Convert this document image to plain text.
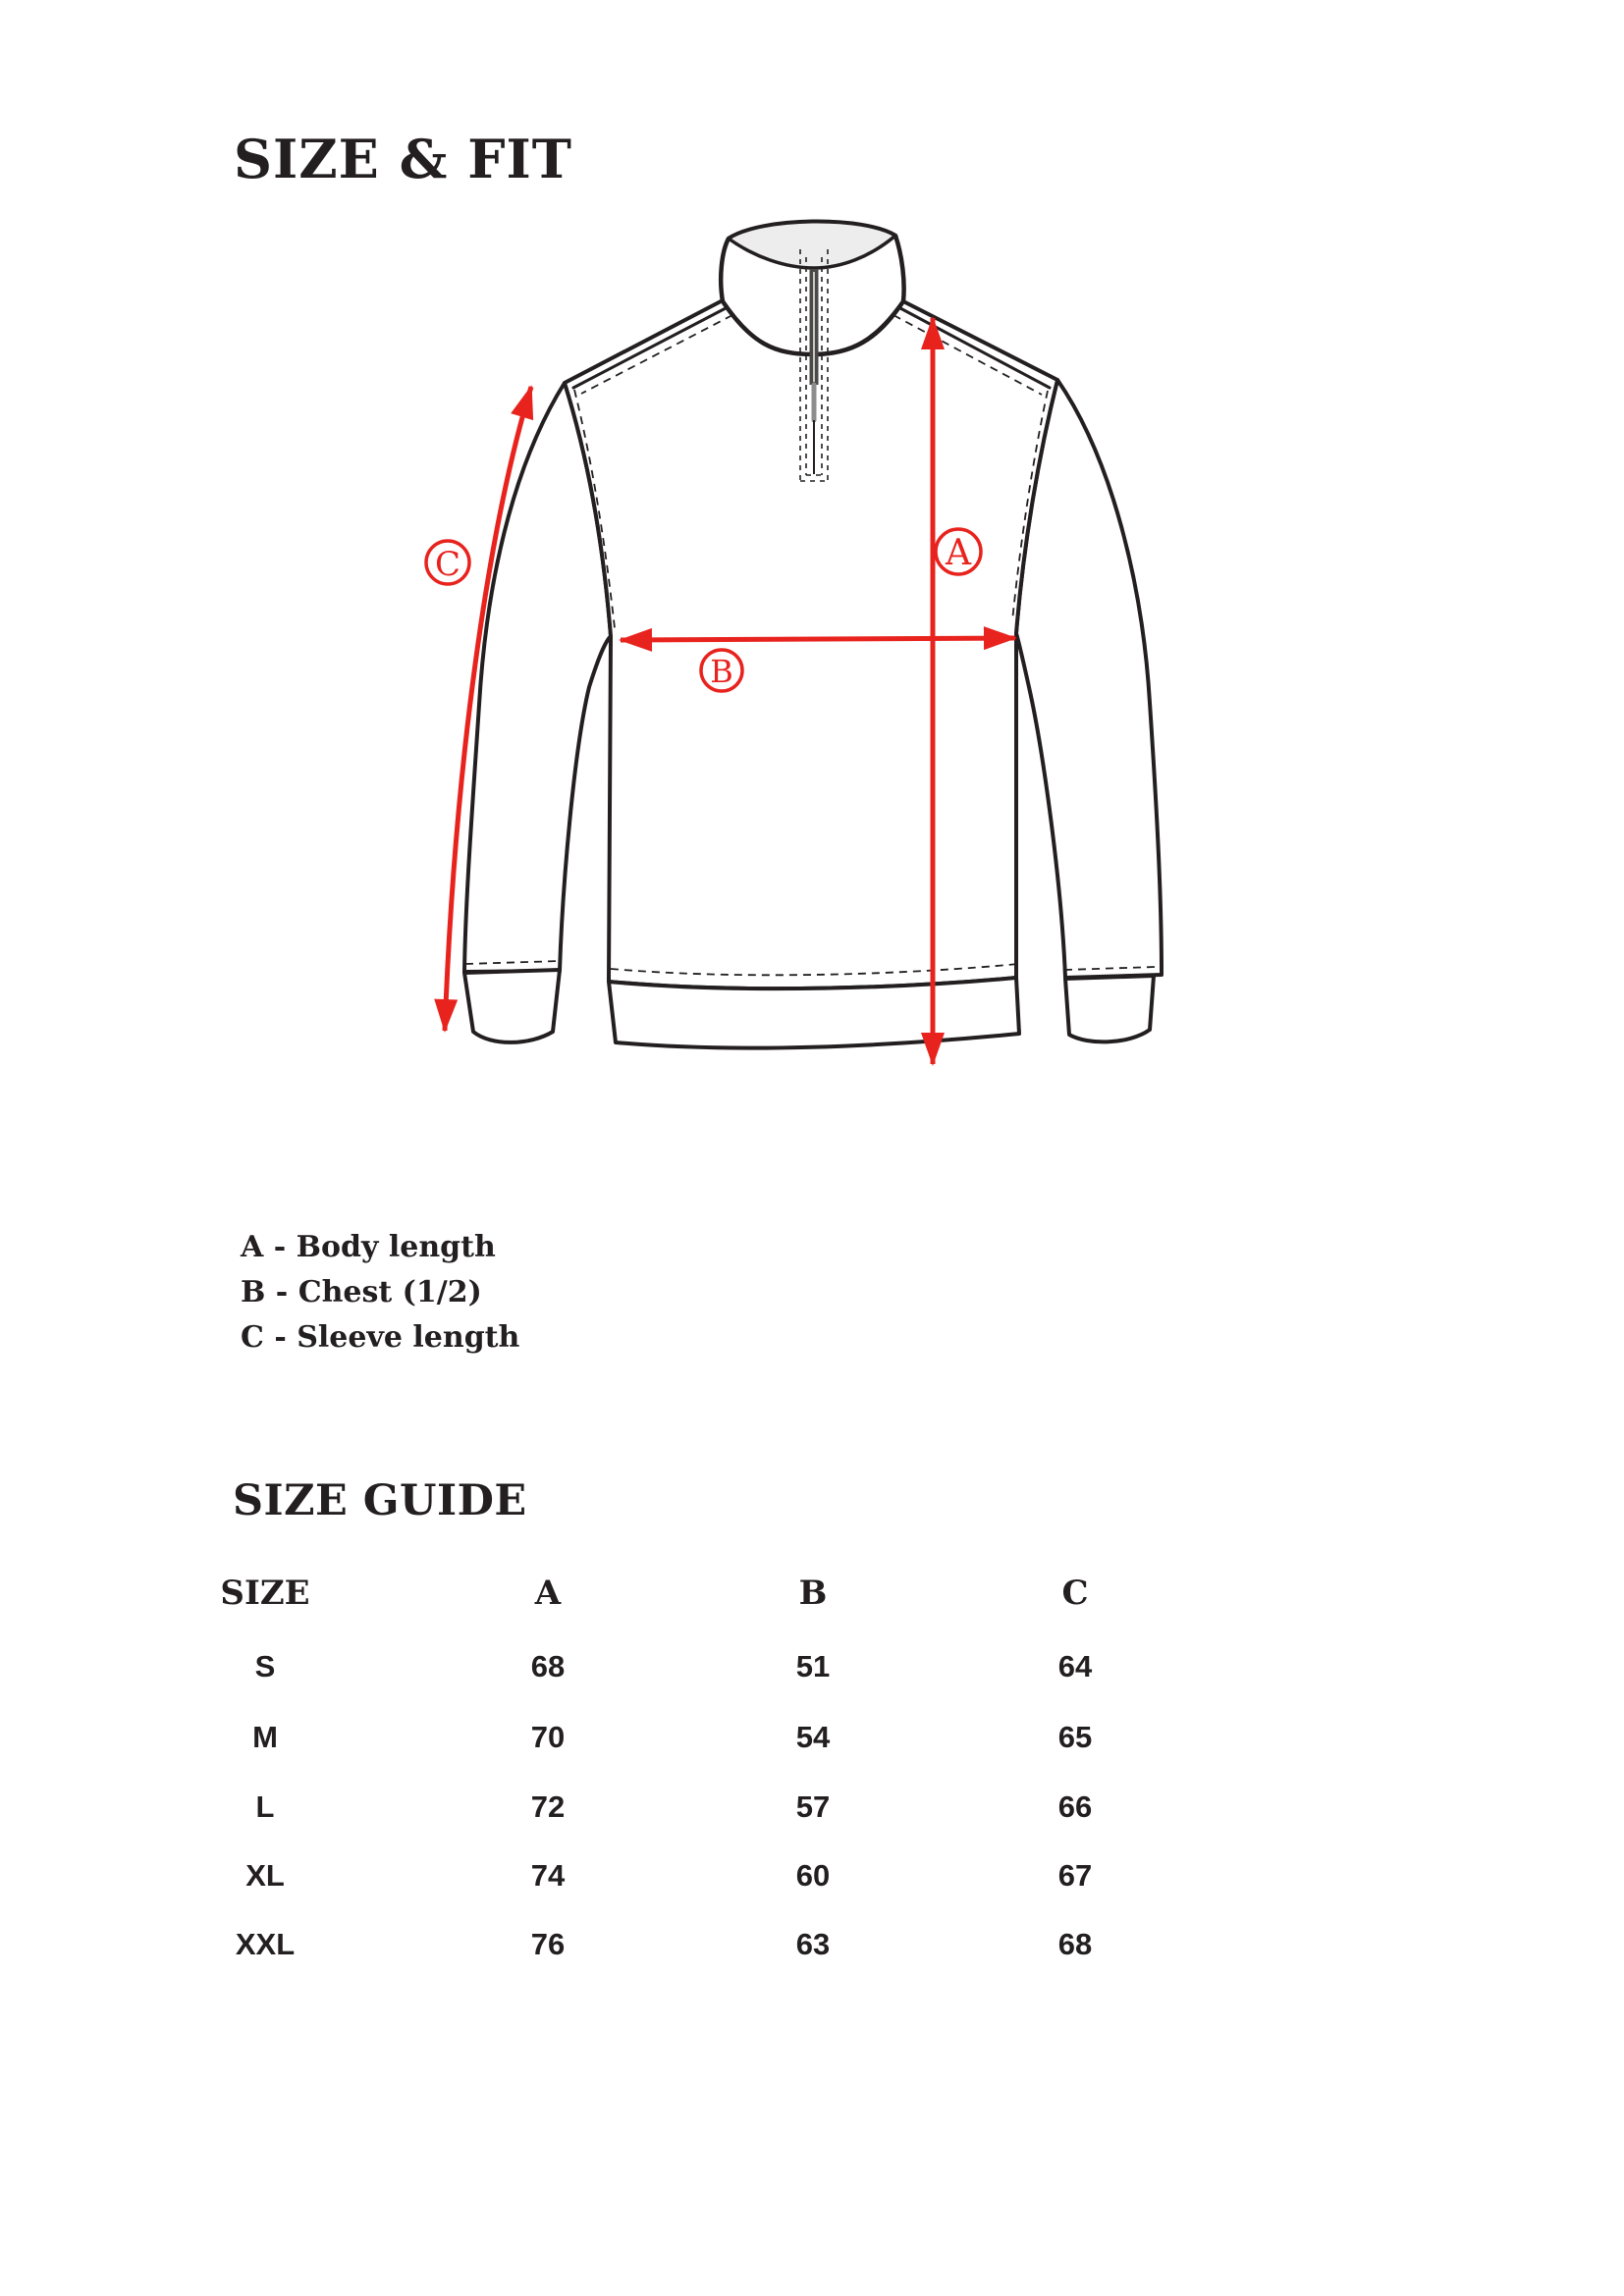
SIZE & FIT
A
B
C
A - Body length
B - Chest (1/2)
C - Sleeve length
SIZE GUIDE
SIZE	A	B	C
S	68	51	64
M	70	54	65
L	72	57	66
XL	74	60	67
XXL	76	63	68
